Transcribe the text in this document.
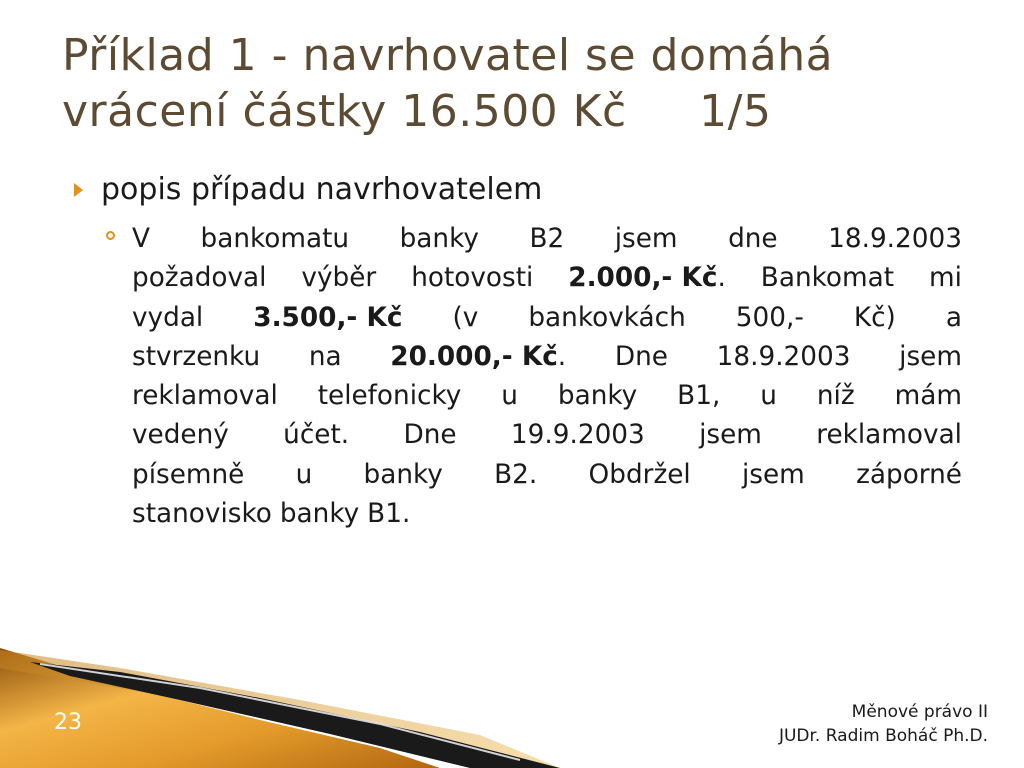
Příklad 1 - navrhovatel se domáhá
vrácení částky 16.500 Kč     1/5
popis případu navrhovatelem
V bankomatu banky B2 jsem dne 18.9.2003
požadoval výběr hotovosti 2.000,- Kč. Bankomat mi
vydal 3.500,- Kč (v bankovkách 500,- Kč) a
stvrzenku na 20.000,- Kč. Dne 18.9.2003 jsem
reklamoval telefonicky u banky B1, u níž mám
vedený účet. Dne 19.9.2003 jsem reklamoval
písemně u banky B2. Obdržel jsem záporné
stanovisko banky B1.
23	Měnové právo II
JUDr. Radim Boháč Ph.D.
